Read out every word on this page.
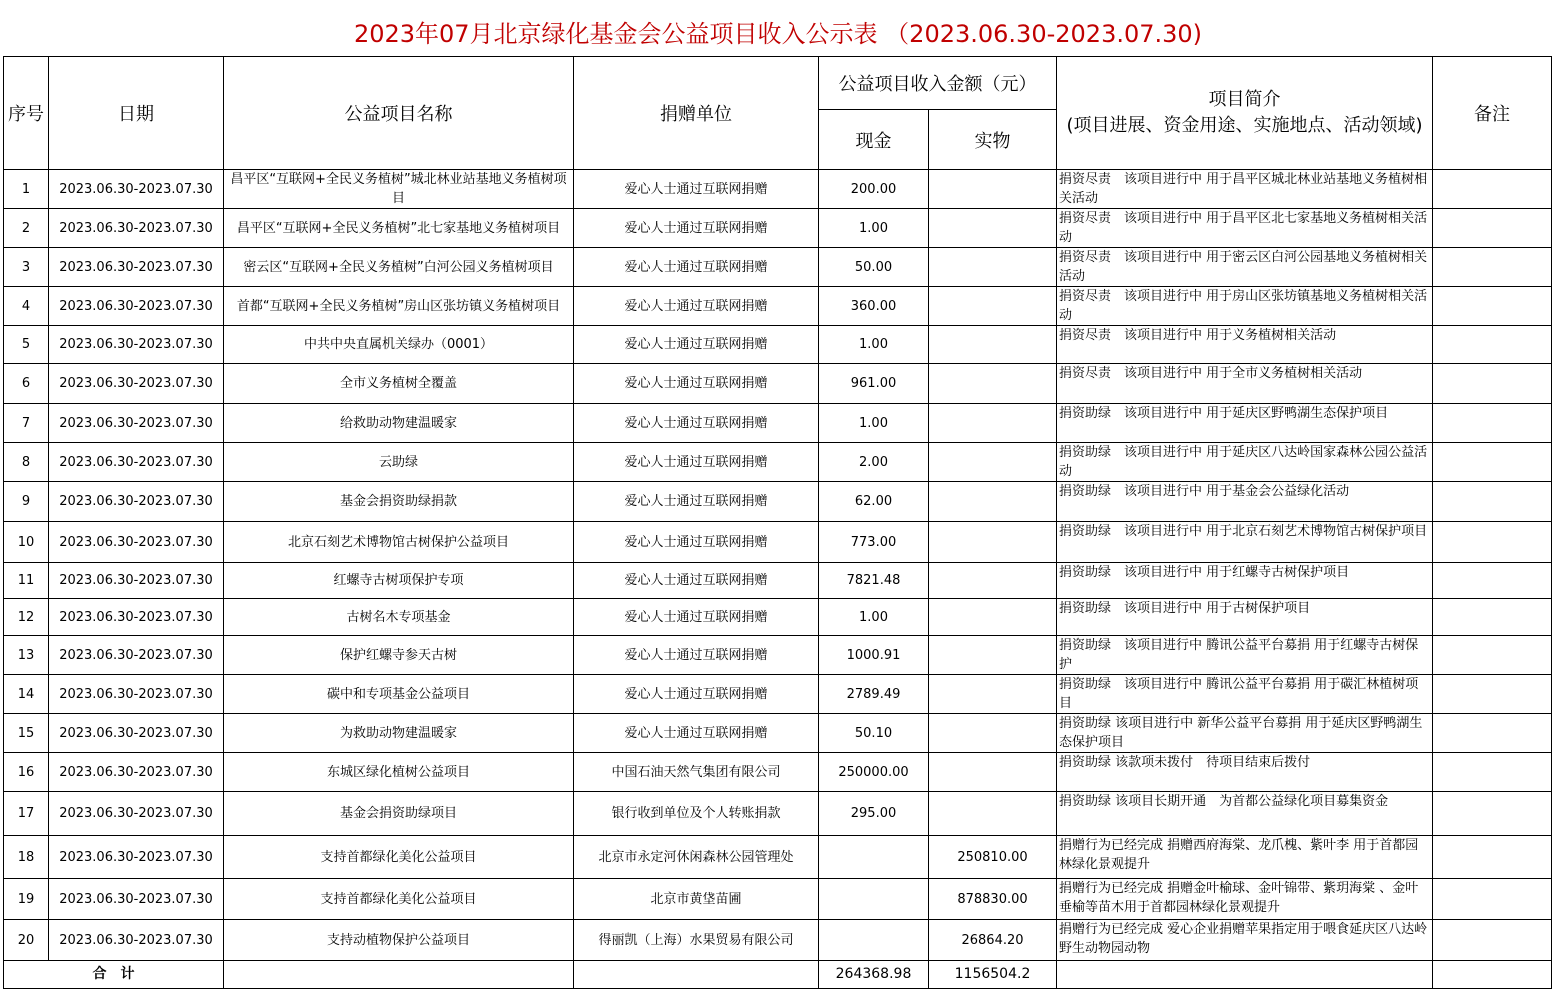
2023年07月北京绿化基金会公益项目收入公示表 （2023.06.30-2023.07.30)
序号	日期	公益项目名称	捐赠单位	公益项目收入金额（元）		项目简介
(项目进展、资金用途、实施地点、活动领域)	备注
				现金	实物		
1	2023.06.30-2023.07.30	昌平区“互联网+全民义务植树”城北林业站基地义务植树项目	爱心人士通过互联网捐赠	200.00		捐资尽责　该项目进行中 用于昌平区城北林业站基地义务植树相关活动	
2	2023.06.30-2023.07.30	昌平区“互联网+全民义务植树”北七家基地义务植树项目	爱心人士通过互联网捐赠	1.00		捐资尽责　该项目进行中 用于昌平区北七家基地义务植树相关活动	
3	2023.06.30-2023.07.30	密云区“互联网+全民义务植树”白河公园义务植树项目	爱心人士通过互联网捐赠	50.00		捐资尽责　该项目进行中 用于密云区白河公园基地义务植树相关活动	
4	2023.06.30-2023.07.30	首都“互联网+全民义务植树”房山区张坊镇义务植树项目	爱心人士通过互联网捐赠	360.00		捐资尽责　该项目进行中 用于房山区张坊镇基地义务植树相关活动	
5	2023.06.30-2023.07.30	中共中央直属机关绿办（0001）	爱心人士通过互联网捐赠	1.00		捐资尽责　该项目进行中 用于义务植树相关活动	
6	2023.06.30-2023.07.30	全市义务植树全覆盖	爱心人士通过互联网捐赠	961.00		捐资尽责　该项目进行中 用于全市义务植树相关活动	
7	2023.06.30-2023.07.30	给救助动物建温暖家	爱心人士通过互联网捐赠	1.00		捐资助绿　该项目进行中 用于延庆区野鸭湖生态保护项目	
8	2023.06.30-2023.07.30	云助绿	爱心人士通过互联网捐赠	2.00		捐资助绿　该项目进行中 用于延庆区八达岭国家森林公园公益活动	
9	2023.06.30-2023.07.30	基金会捐资助绿捐款	爱心人士通过互联网捐赠	62.00		捐资助绿　该项目进行中 用于基金会公益绿化活动	
10	2023.06.30-2023.07.30	北京石刻艺术博物馆古树保护公益项目	爱心人士通过互联网捐赠	773.00		捐资助绿　该项目进行中 用于北京石刻艺术博物馆古树保护项目	
11	2023.06.30-2023.07.30	红螺寺古树项保护专项	爱心人士通过互联网捐赠	7821.48		捐资助绿　该项目进行中 用于红螺寺古树保护项目	
12	2023.06.30-2023.07.30	古树名木专项基金	爱心人士通过互联网捐赠	1.00		捐资助绿　该项目进行中 用于古树保护项目	
13	2023.06.30-2023.07.30	保护红螺寺参天古树	爱心人士通过互联网捐赠	1000.91		捐资助绿　该项目进行中 腾讯公益平台募捐 用于红螺寺古树保护	
14	2023.06.30-2023.07.30	碳中和专项基金公益项目	爱心人士通过互联网捐赠	2789.49		捐资助绿　该项目进行中 腾讯公益平台募捐 用于碳汇林植树项目	
15	2023.06.30-2023.07.30	为救助动物建温暖家	爱心人士通过互联网捐赠	50.10		捐资助绿 该项目进行中 新华公益平台募捐 用于延庆区野鸭湖生态保护项目	
16	2023.06.30-2023.07.30	东城区绿化植树公益项目	中国石油天然气集团有限公司	250000.00		捐资助绿 该款项未拨付　待项目结束后拨付	
17	2023.06.30-2023.07.30	基金会捐资助绿项目	银行收到单位及个人转账捐款	295.00		捐资助绿 该项目长期开通　为首都公益绿化项目募集资金	
18	2023.06.30-2023.07.30	支持首都绿化美化公益项目	北京市永定河休闲森林公园管理处		250810.00	捐赠行为已经完成 捐赠西府海棠、龙爪槐、紫叶李 用于首都园林绿化景观提升	
19	2023.06.30-2023.07.30	支持首都绿化美化公益项目	北京市黄垡苗圃		878830.00	捐赠行为已经完成 捐赠金叶榆球、金叶锦带、紫玥海棠 、金叶垂榆等苗木用于首都园林绿化景观提升	
20	2023.06.30-2023.07.30	支持动植物保护公益项目	得丽凯（上海）水果贸易有限公司		26864.20	捐赠行为已经完成 爱心企业捐赠苹果指定用于喂食延庆区八达岭野生动物园动物	
合　计				264368.98	1156504.2		
